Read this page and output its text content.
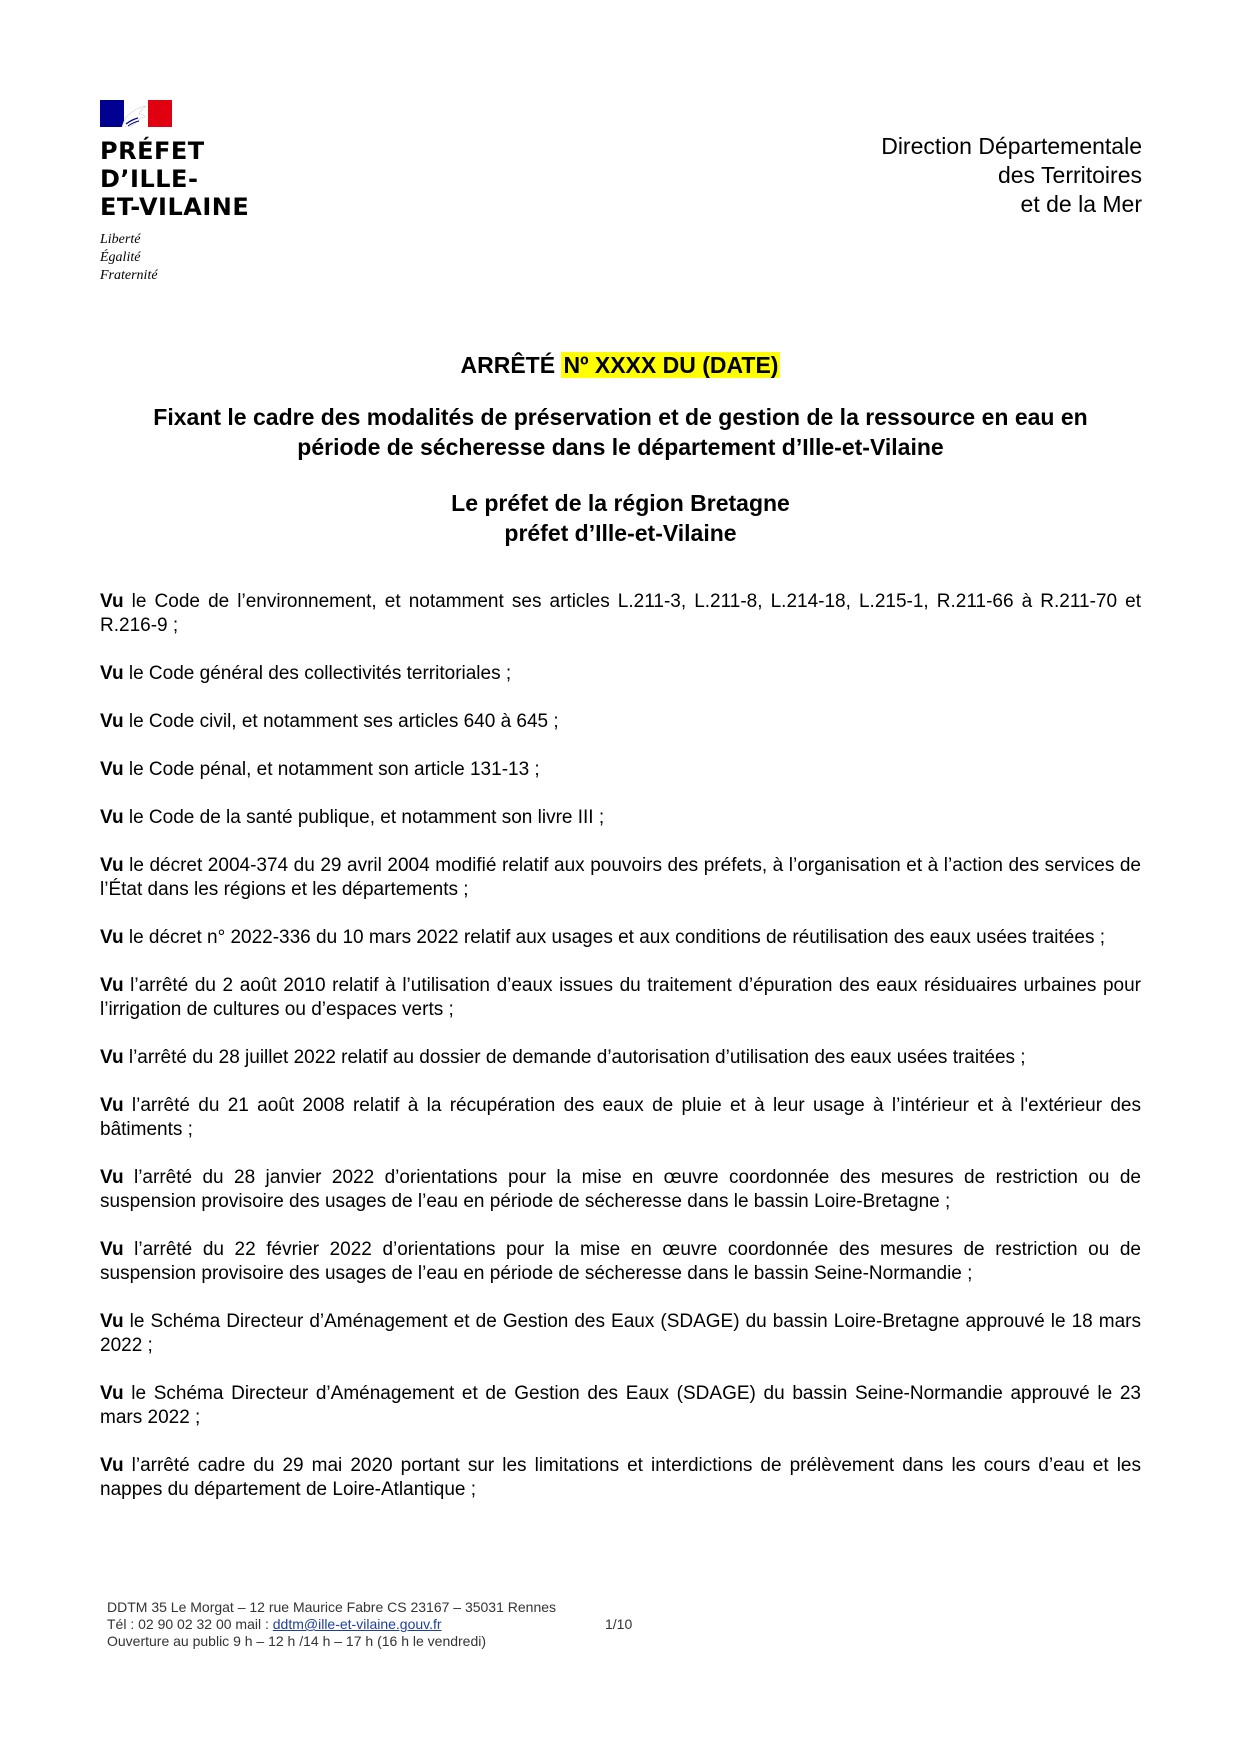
PRÉFET
D’ILLE-
ET-VILAINE
Liberté
Égalité
Fraternité
Direction Départementale
des Territoires
et de la Mer
ARRÊTÉ Nº XXXX DU (DATE)
Fixant le cadre des modalités de préservation et de gestion de la ressource en eau en
période de sécheresse dans le département d’Ille-et-Vilaine
Le préfet de la région Bretagne
préfet d’Ille-et-Vilaine

Vu le Code de l’environnement, et notamment ses articles L.211-3, L.211-8, L.214-18, L.215-1, R.211-66 à R.211-70 et R.216-9 ;

Vu le Code général des collectivités territoriales ;

Vu le Code civil, et notamment ses articles 640 à 645 ;

Vu le Code pénal, et notamment son article 131-13 ;

Vu le Code de la santé publique, et notamment son livre III ;

Vu le décret 2004-374 du 29 avril 2004 modifié relatif aux pouvoirs des préfets, à l’organisation et à l’action des services de l’État dans les régions et les départements ;

Vu le décret n° 2022-336 du 10 mars 2022 relatif aux usages et aux conditions de réutilisation des eaux usées traitées ;

Vu l’arrêté du 2 août 2010 relatif à l’utilisation d’eaux issues du traitement d’épuration des eaux résiduaires urbaines pour l’irrigation de cultures ou d’espaces verts ;

Vu l’arrêté du 28 juillet 2022 relatif au dossier de demande d’autorisation d’utilisation des eaux usées traitées ;

Vu l’arrêté du 21 août 2008 relatif à la récupération des eaux de pluie et à leur usage à l’intérieur et à l'extérieur des bâtiments ;

Vu l’arrêté du 28 janvier 2022 d’orientations pour la mise en œuvre coordonnée des mesures de restriction ou de suspension provisoire des usages de l’eau en période de sécheresse dans le bassin Loire-Bretagne ;

Vu l’arrêté du 22 février 2022 d’orientations pour la mise en œuvre coordonnée des mesures de restriction ou de suspension provisoire des usages de l’eau en période de sécheresse dans le bassin Seine-Normandie ;

Vu le Schéma Directeur d’Aménagement et de Gestion des Eaux (SDAGE) du bassin Loire-Bretagne approuvé le 18 mars 2022 ;

Vu le Schéma Directeur d’Aménagement et de Gestion des Eaux (SDAGE) du bassin Seine-Normandie approuvé le 23 mars 2022 ;

Vu l’arrêté cadre du 29 mai 2020 portant sur les limitations et interdictions de prélèvement dans les cours d’eau et les nappes du département de Loire-Atlantique ;

DDTM 35 Le Morgat – 12 rue Maurice Fabre CS 23167 – 35031 Rennes
Tél : 02 90 02 32 00 mail : ddtm@ille-et-vilaine.gouv.fr
Ouverture au public 9 h – 12 h /14 h – 17 h (16 h le vendredi)
1/10
